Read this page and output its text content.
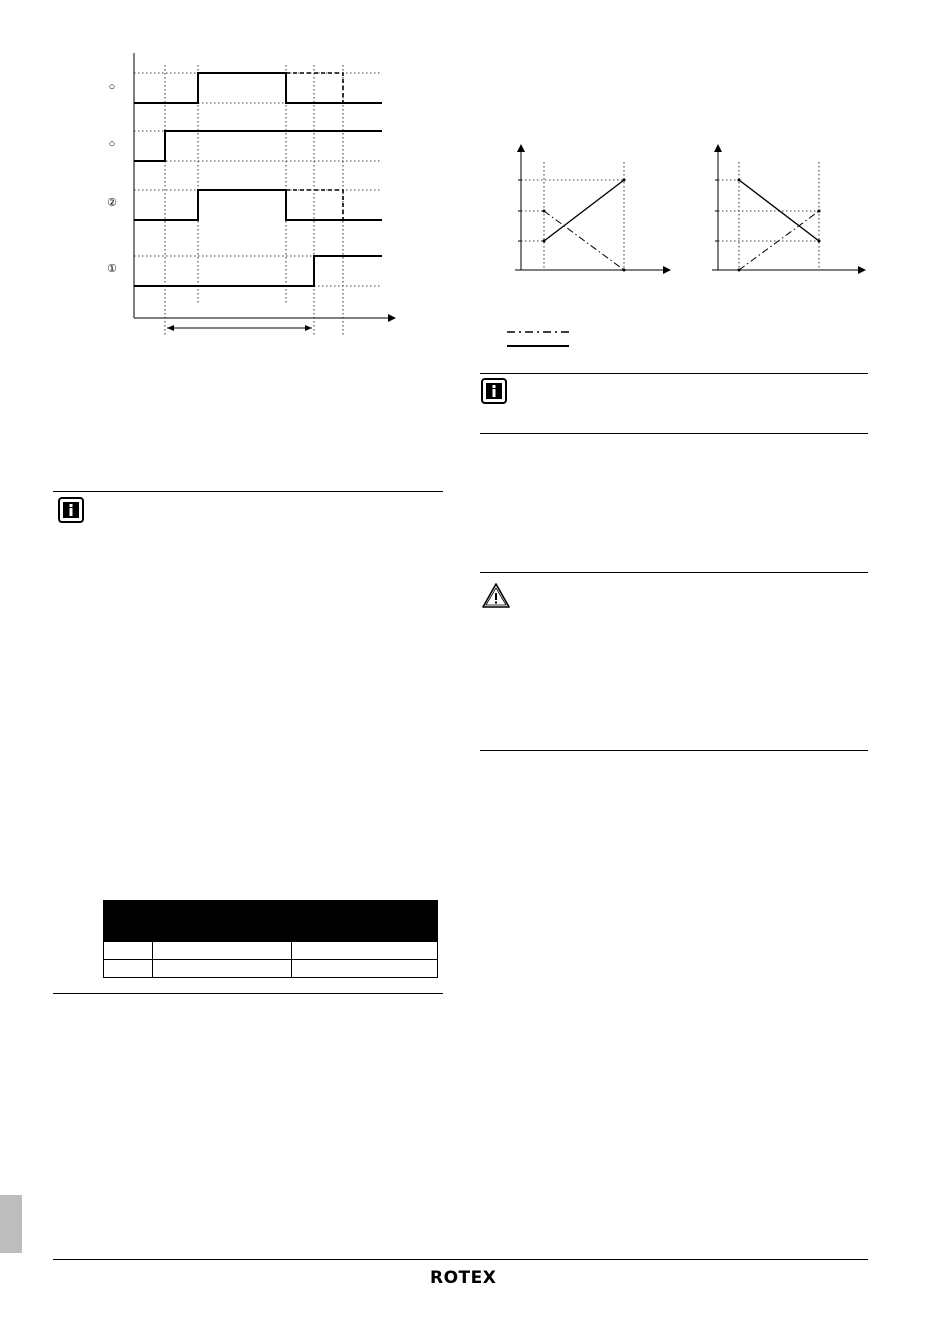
○
○
②
①

ROTEX
